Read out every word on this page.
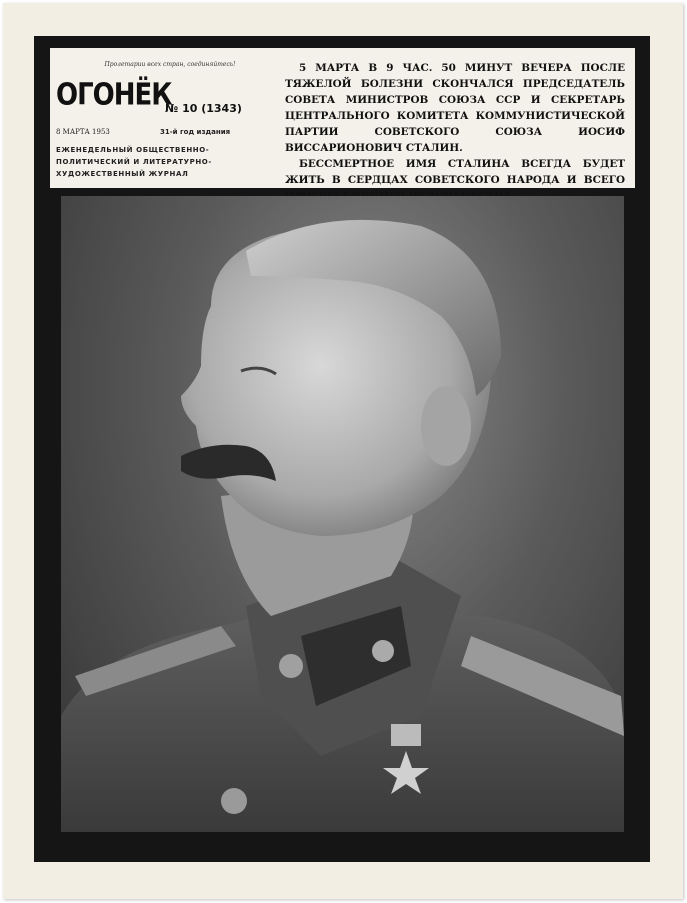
Пролетарии всех стран, соединяйтесь!
ОГОНЁК
№ 10 (1343)
8 МАРТА 1953	31-й год издания
ЕЖЕНЕДЕЛЬНЫЙ ОБЩЕСТВЕННО-
ПОЛИТИЧЕСКИЙ И ЛИТЕРАТУРНО-
ХУДОЖЕСТВЕННЫЙ ЖУРНАЛ

5 МАРТА В 9 ЧАС. 50 МИНУТ ВЕЧЕРА ПОСЛЕ ТЯЖЕЛОЙ БОЛЕЗНИ СКОНЧАЛСЯ ПРЕДСЕДАТЕЛЬ СОВЕТА МИНИСТРОВ СОЮЗА ССР И СЕКРЕТАРЬ ЦЕНТРАЛЬНОГО КОМИТЕТА КОММУНИСТИЧЕСКОЙ ПАРТИИ СОВЕТСКОГО СОЮЗА ИОСИФ ВИССАРИОНОВИЧ СТАЛИН.

БЕССМЕРТНОЕ ИМЯ СТАЛИНА ВСЕГДА БУДЕТ ЖИТЬ В СЕРДЦАХ СОВЕТСКОГО НАРОДА И ВСЕГО
